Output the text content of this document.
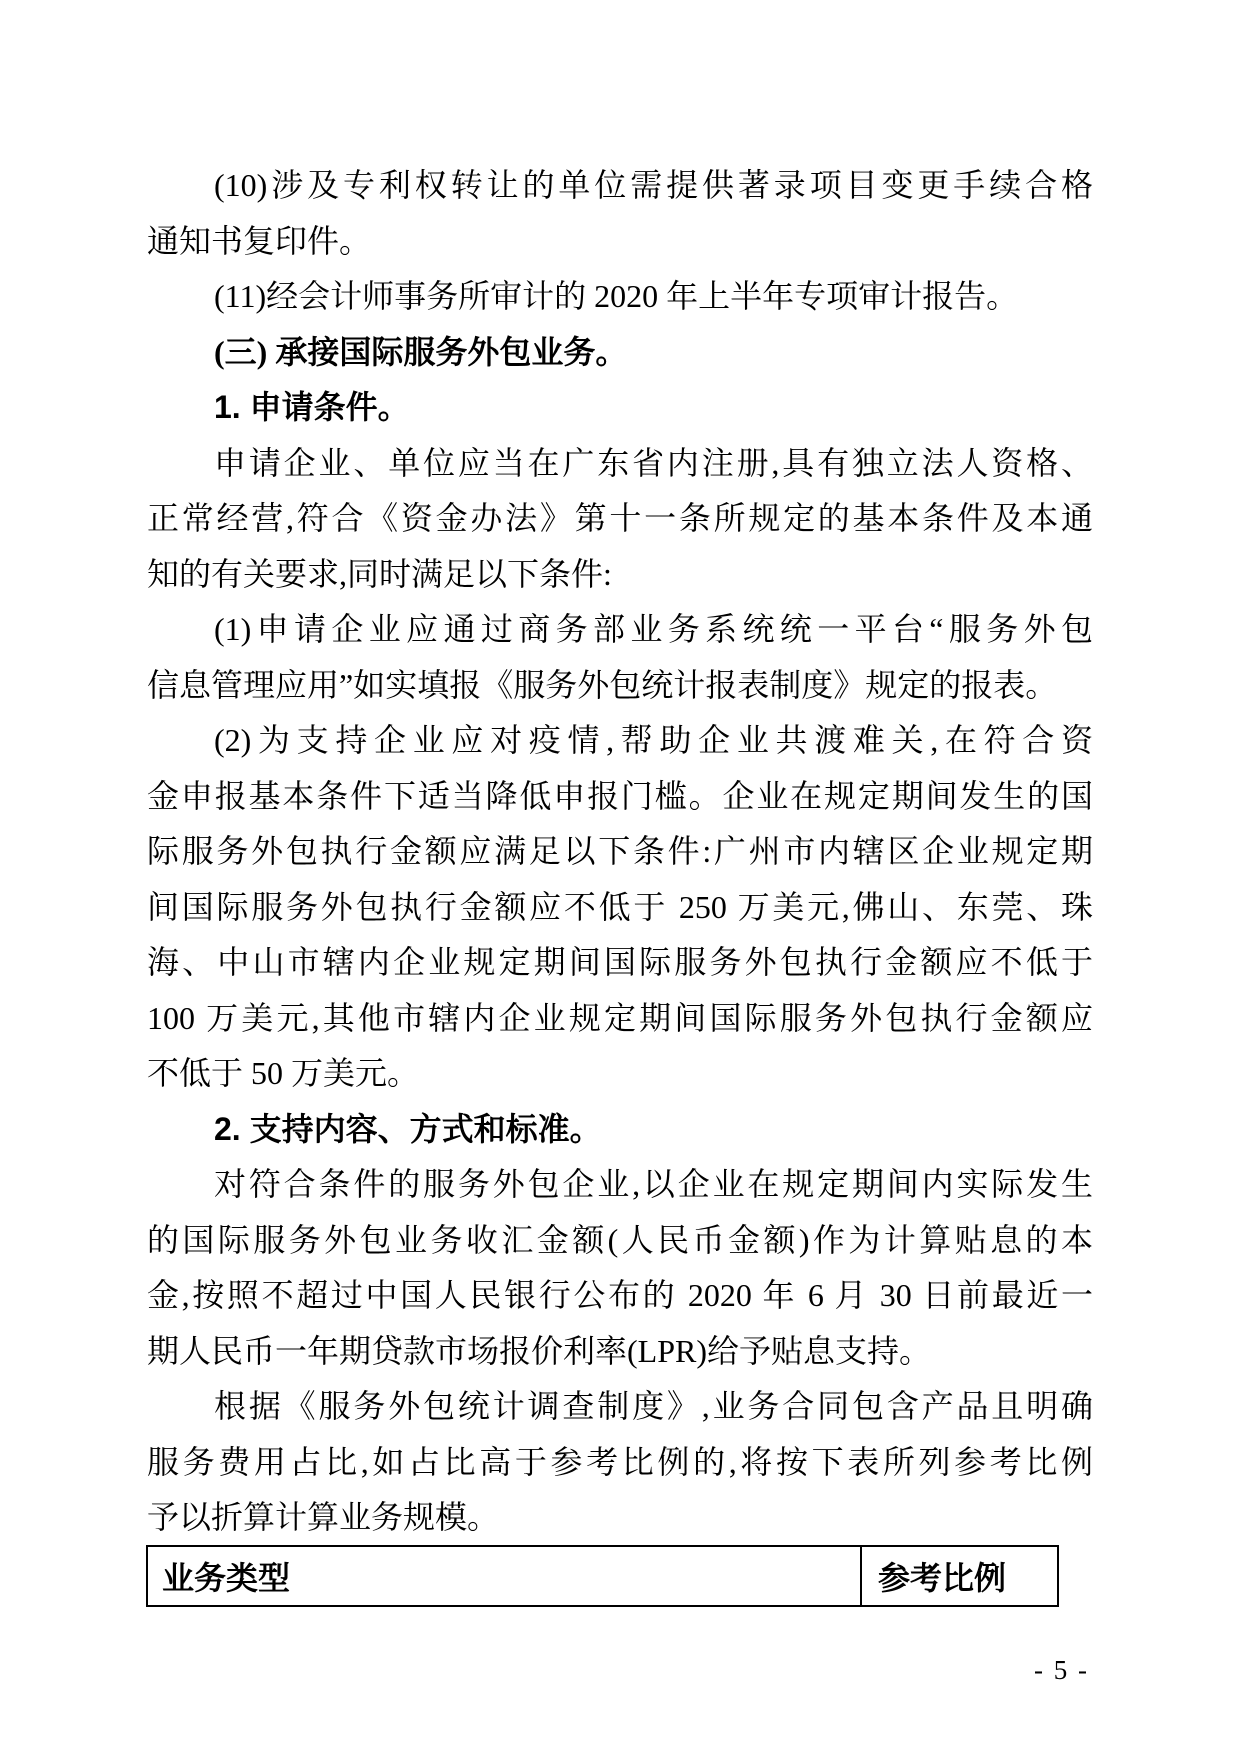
(10)涉及专利权转让的单位需提供著录项目变更手续合格
通知书复印件。
(11)经会计师事务所审计的 2020 年上半年专项审计报告。
(三) 承接国际服务外包业务。
1. 申请条件。
申请企业、单位应当在广东省内注册,具有独立法人资格、
正常经营,符合《资金办法》第十一条所规定的基本条件及本通
知的有关要求,同时满足以下条件:
(1)申请企业应通过商务部业务系统统一平台“服务外包
信息管理应用”如实填报《服务外包统计报表制度》规定的报表。
(2)为支持企业应对疫情,帮助企业共渡难关,在符合资
金申报基本条件下适当降低申报门槛。企业在规定期间发生的国
际服务外包执行金额应满足以下条件:广州市内辖区企业规定期
间国际服务外包执行金额应不低于 250 万美元,佛山、东莞、珠
海、中山市辖内企业规定期间国际服务外包执行金额应不低于
100 万美元,其他市辖内企业规定期间国际服务外包执行金额应
不低于 50 万美元。
2. 支持内容、方式和标准。
对符合条件的服务外包企业,以企业在规定期间内实际发生
的国际服务外包业务收汇金额(人民币金额)作为计算贴息的本
金,按照不超过中国人民银行公布的 2020 年 6 月 30 日前最近一
期人民币一年期贷款市场报价利率(LPR)给予贴息支持。
根据《服务外包统计调查制度》,业务合同包含产品且明确
服务费用占比,如占比高于参考比例的,将按下表所列参考比例
予以折算计算业务规模。
业务类型	参考比例
- 5 -
